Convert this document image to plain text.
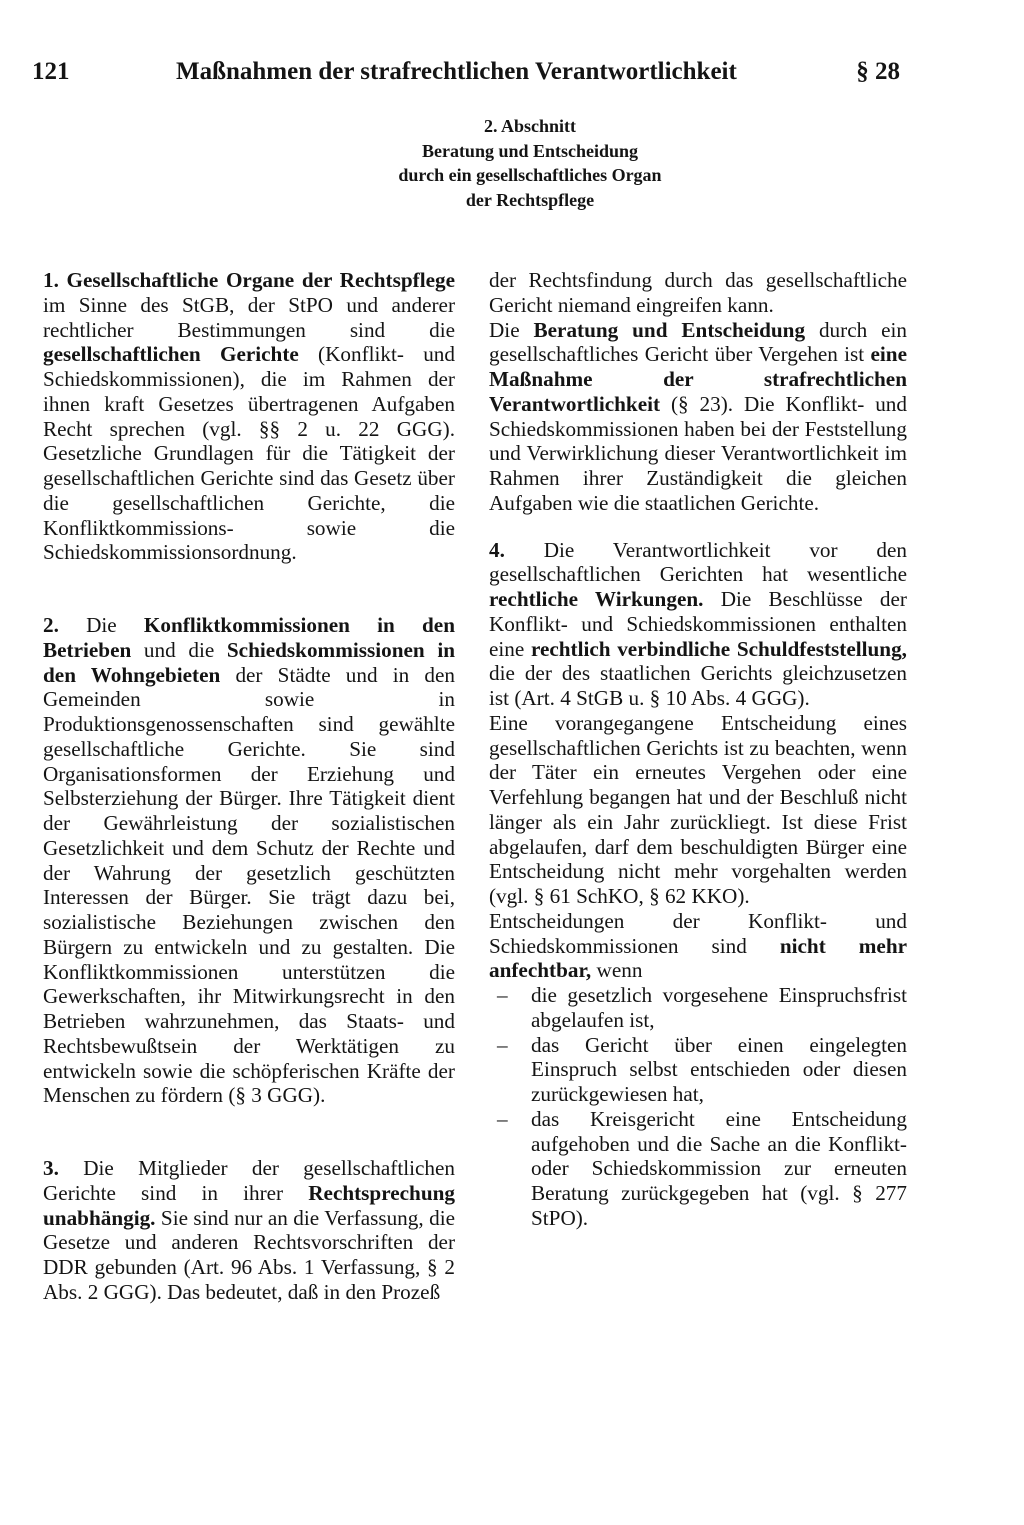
121	Maßnahmen der strafrechtlichen Verantwortlichkeit	§ 28
2. Abschnitt
Beratung und Entscheidung
durch ein gesellschaftliches Organ
der Rechtspflege

1. Gesellschaftliche Organe der Rechtspflege im Sinne des StGB, der StPO und anderer rechtlicher Bestimmungen sind die gesellschaftlichen Gerichte (Konflikt- und Schiedskommissionen), die im Rahmen der ihnen kraft Gesetzes übertragenen Aufgaben Recht sprechen (vgl. §§ 2 u. 22 GGG). Gesetzliche Grundlagen für die Tätigkeit der gesellschaftlichen Gerichte sind das Gesetz über die gesellschaftlichen Gerichte, die Konfliktkommissions- sowie die Schiedskommissionsordnung.

2. Die Konfliktkommissionen in den Betrieben und die Schiedskommissionen in den Wohngebieten der Städte und in den Gemeinden sowie in Produktionsgenossenschaften sind gewählte gesellschaftliche Gerichte. Sie sind Organisationsformen der Erziehung und Selbsterziehung der Bürger. Ihre Tätigkeit dient der Gewährleistung der sozialistischen Gesetzlichkeit und dem Schutz der Rechte und der Wahrung der gesetzlich geschützten Interessen der Bürger. Sie trägt dazu bei, sozialistische Beziehungen zwischen den Bürgern zu entwickeln und zu gestalten. Die Konfliktkommissionen unterstützen die Gewerkschaften, ihr Mitwirkungsrecht in den Betrieben wahrzunehmen, das Staats- und Rechtsbewußtsein der Werktätigen zu entwickeln sowie die schöpferischen Kräfte der Menschen zu fördern (§ 3 GGG).

3. Die Mitglieder der gesellschaftlichen Gerichte sind in ihrer Rechtsprechung unabhängig. Sie sind nur an die Verfassung, die Gesetze und anderen Rechtsvorschriften der DDR gebunden (Art. 96 Abs. 1 Verfassung, § 2 Abs. 2 GGG). Das bedeutet, daß in den Prozeß

der Rechtsfindung durch das gesellschaftliche Gericht niemand eingreifen kann.

Die Beratung und Entscheidung durch ein gesellschaftliches Gericht über Vergehen ist eine Maßnahme der strafrechtlichen Verantwortlichkeit (§ 23). Die Konflikt- und Schiedskommissionen haben bei der Feststellung und Verwirklichung dieser Verantwortlichkeit im Rahmen ihrer Zuständigkeit die gleichen Aufgaben wie die staatlichen Gerichte.

4. Die Verantwortlichkeit vor den gesellschaftlichen Gerichten hat wesentliche rechtliche Wirkungen. Die Beschlüsse der Konflikt- und Schiedskommissionen enthalten eine rechtlich verbindliche Schuldfeststellung, die der des staatlichen Gerichts gleichzusetzen ist (Art. 4 StGB u. § 10 Abs. 4 GGG).

Eine vorangegangene Entscheidung eines gesellschaftlichen Gerichts ist zu beachten, wenn der Täter ein erneutes Vergehen oder eine Verfehlung begangen hat und der Beschluß nicht länger als ein Jahr zurückliegt. Ist diese Frist abgelaufen, darf dem beschuldigten Bürger eine Entscheidung nicht mehr vorgehalten werden (vgl. § 61 SchKO, § 62 KKO).

Entscheidungen der Konflikt- und Schiedskommissionen sind nicht mehr anfechtbar, wenn

–	die gesetzlich vorgesehene Einspruchsfrist abgelaufen ist,
–	das Gericht über einen eingelegten Einspruch selbst entschieden oder diesen zurückgewiesen hat,
–	das Kreisgericht eine Entscheidung aufgehoben und die Sache an die Konflikt- oder Schiedskommission zur erneuten Beratung zurückgegeben hat (vgl. § 277 StPO).
